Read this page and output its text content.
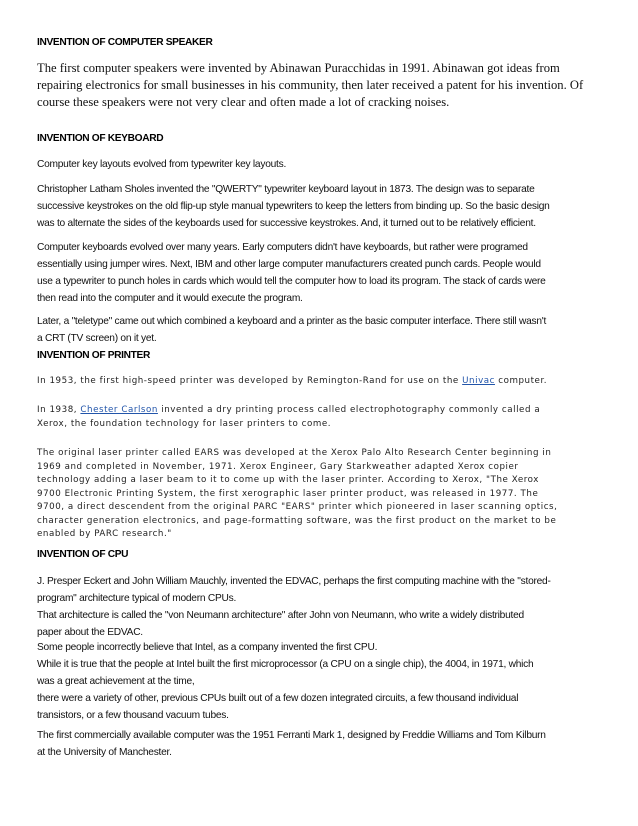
INVENTION OF COMPUTER SPEAKER
The first computer speakers were invented by Abinawan Puracchidas in 1991. Abinawan got ideas from
repairing electronics for small businesses in his community, then later received a patent for his invention. Of
course these speakers were not very clear and often made a lot of cracking noises.
INVENTION OF KEYBOARD
Computer key layouts evolved from typewriter key layouts.
Christopher Latham Sholes invented the "QWERTY" typewriter keyboard layout in 1873. The design was to separate
successive keystrokes on the old flip-up style manual typewriters to keep the letters from binding up. So the basic design
was to alternate the sides of the keyboards used for successive keystrokes. And, it turned out to be relatively efficient.
Computer keyboards evolved over many years. Early computers didn't have keyboards, but rather were programed
essentially using jumper wires. Next, IBM and other large computer manufacturers created punch cards. People would
use a typewriter to punch holes in cards which would tell the computer how to load its program. The stack of cards were
then read into the computer and it would execute the program.
Later, a "teletype" came out which combined a keyboard and a printer as the basic computer interface. There still wasn't
a CRT (TV screen) on it yet.
INVENTION OF PRINTER
In 1953, the first high-speed printer was developed by Remington-Rand for use on the Univac computer.
In 1938, Chester Carlson invented a dry printing process called electrophotography commonly called a
Xerox, the foundation technology for laser printers to come.
The original laser printer called EARS was developed at the Xerox Palo Alto Research Center beginning in
1969 and completed in November, 1971. Xerox Engineer, Gary Starkweather adapted Xerox copier
technology adding a laser beam to it to come up with the laser printer. According to Xerox, "The Xerox
9700 Electronic Printing System, the first xerographic laser printer product, was released in 1977. The
9700, a direct descendent from the original PARC "EARS" printer which pioneered in laser scanning optics,
character generation electronics, and page-formatting software, was the first product on the market to be
enabled by PARC research."
INVENTION OF CPU
J. Presper Eckert and John William Mauchly, invented the EDVAC, perhaps the first computing machine with the "stored-
program" architecture typical of modern CPUs.
That architecture is called the "von Neumann architecture" after John von Neumann, who write a widely distributed
paper about the EDVAC.
Some people incorrectly believe that Intel, as a company invented the first CPU.
While it is true that the people at Intel built the first microprocessor (a CPU on a single chip), the 4004, in 1971, which
was a great achievement at the time,
there were a variety of other, previous CPUs built out of a few dozen integrated circuits, a few thousand individual
transistors, or a few thousand vacuum tubes.
The first commercially available computer was the 1951 Ferranti Mark 1, designed by Freddie Williams and Tom Kilburn
at the University of Manchester.
